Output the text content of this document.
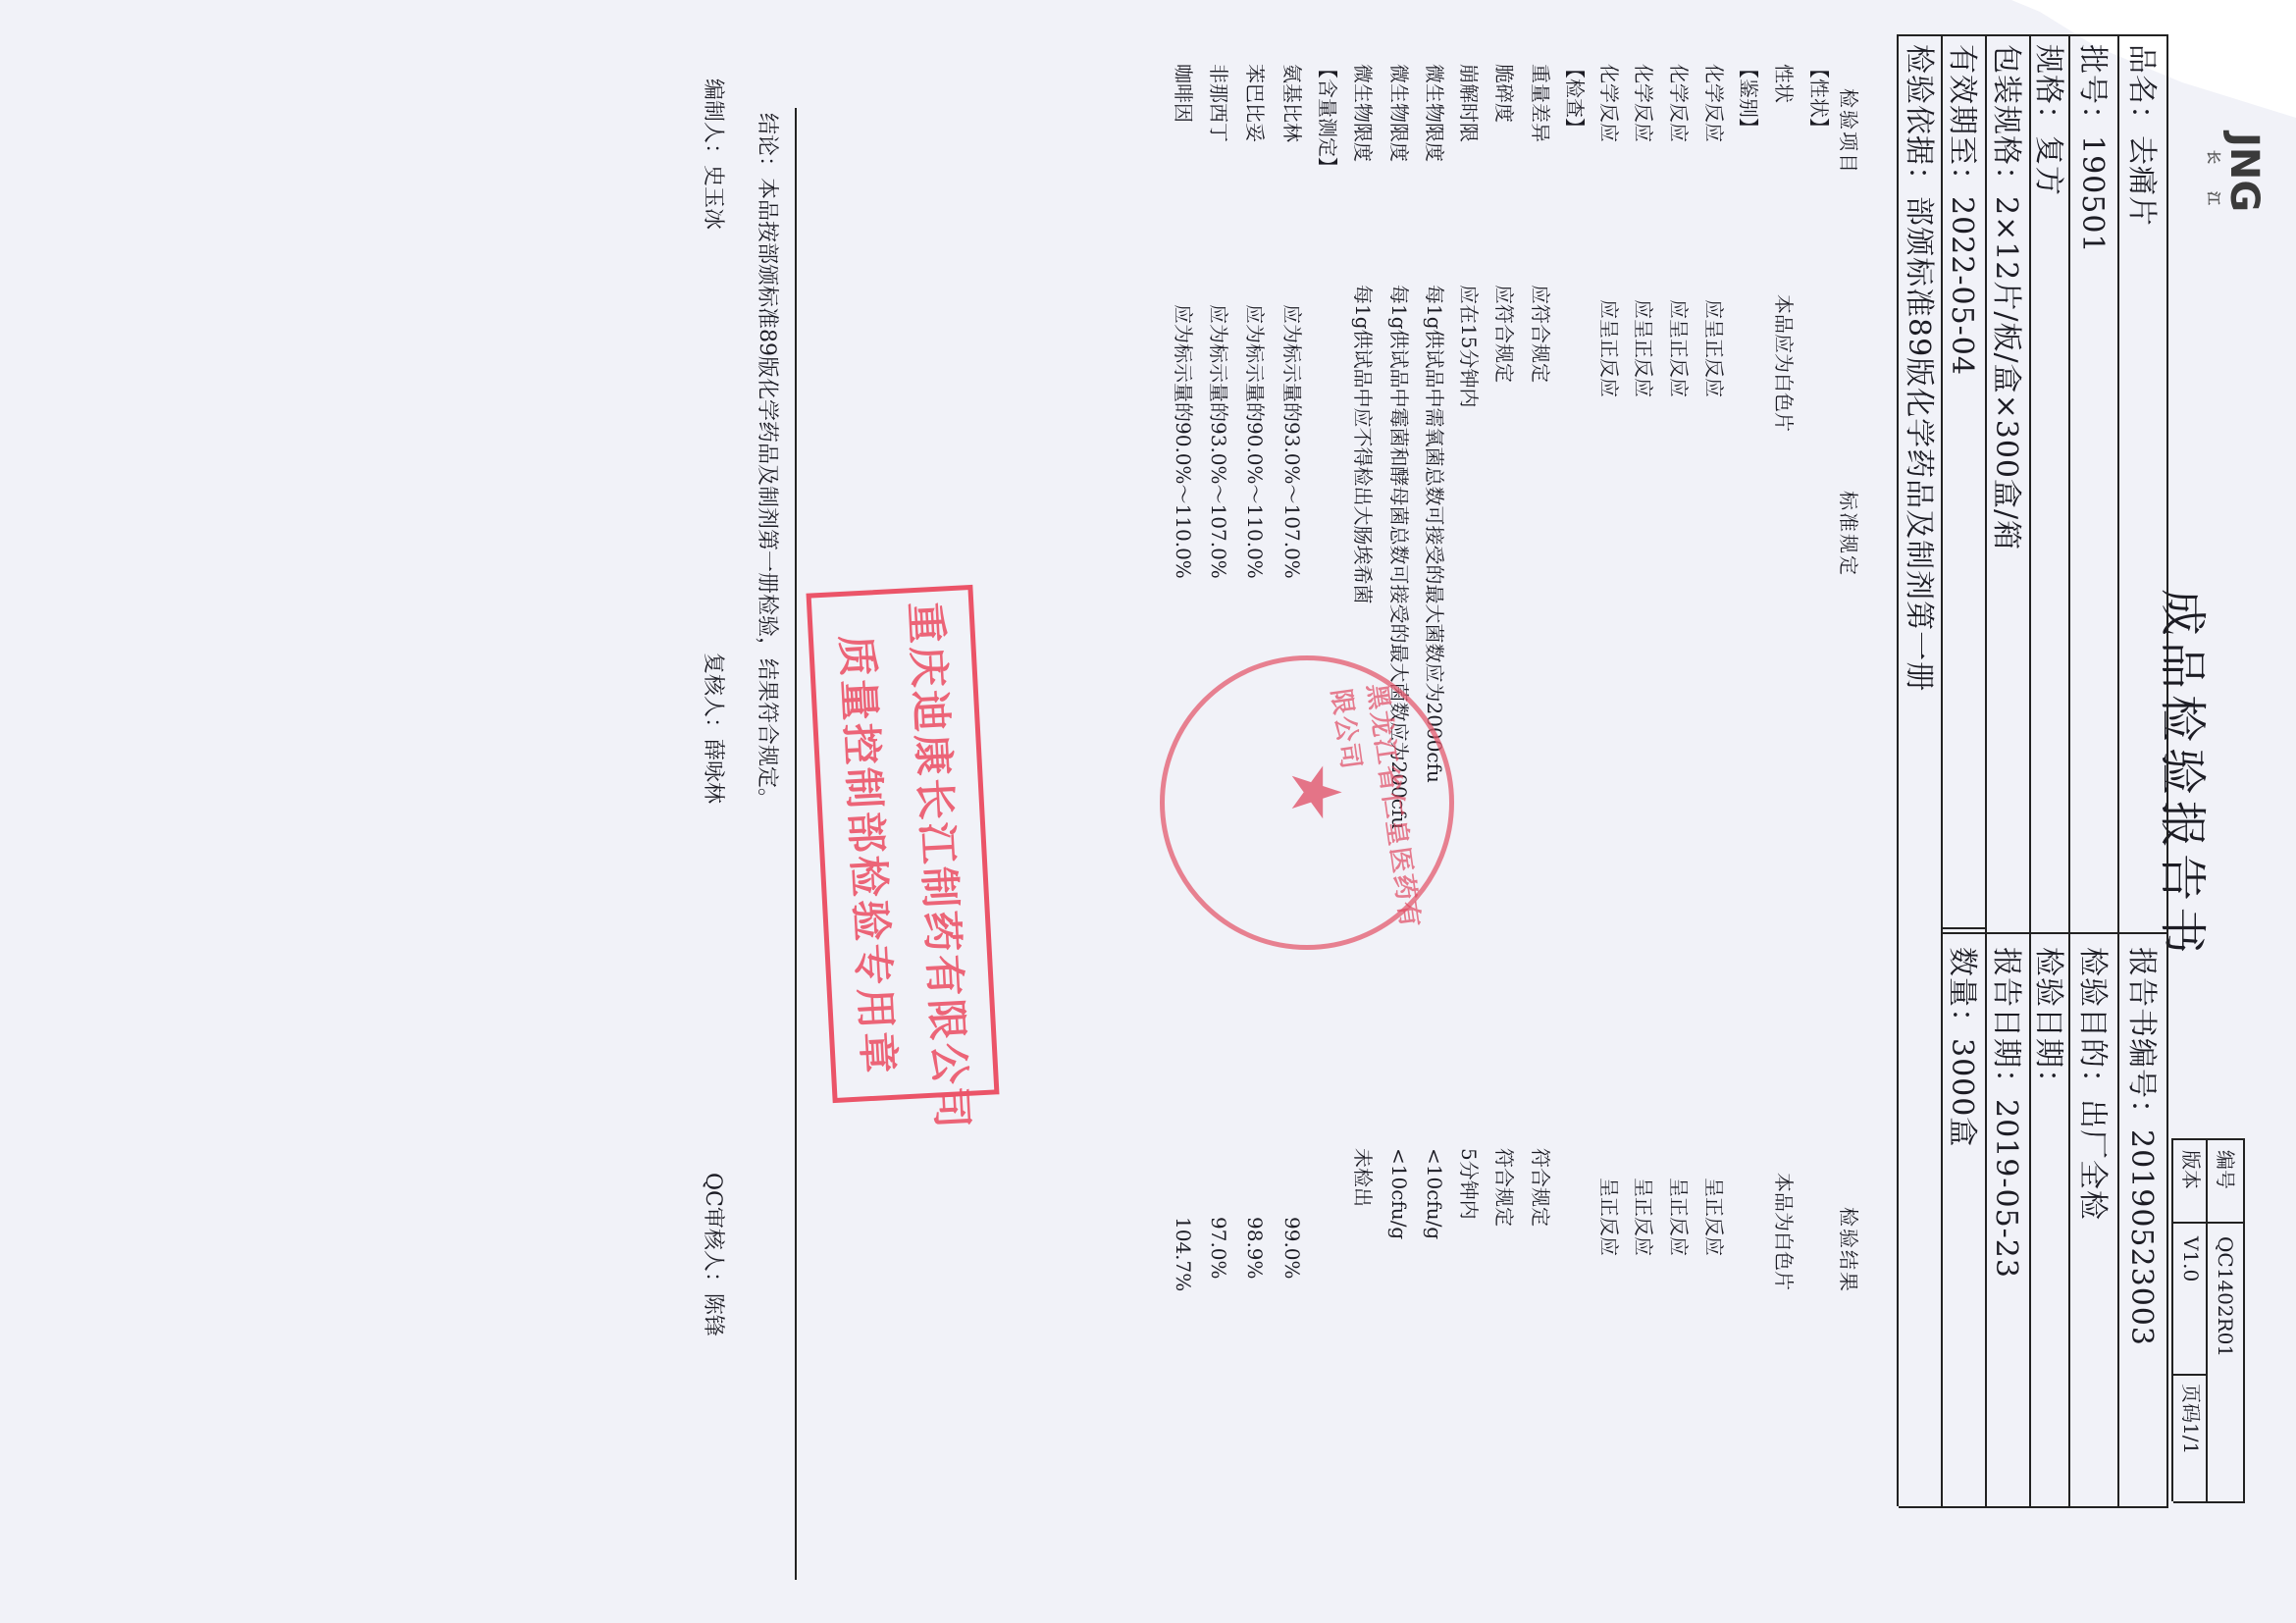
JNG
长
江
成品检验报告书
编号
QC1402R01
版本
V1.0
页码1/1
品名：去痛片
批号：190501
规格：复方
包装规格：2×12片/板/盒×300盒/箱
有效期至：2022-05-04
检验依据：部颁标准89版化学药品及制剂第一册
报告书编号：20190523003
检验目的：出厂全检
检验日期：
报告日期：2019-05-23
数量：3000盒
检验项目
标准规定
检验结果
【性状】
性状
本品应为白色片
本品为白色片
【鉴别】
化学反应
应呈正反应
呈正反应
化学反应
应呈正反应
呈正反应
化学反应
应呈正反应
呈正反应
化学反应
应呈正反应
呈正反应
【检查】
重量差异
应符合规定
符合规定
脆碎度
应符合规定
符合规定
崩解时限
应在15分钟内
5分钟内
微生物限度
每1g供试品中需氧菌总数可接受的最大菌数应为2000cfu
<10cfu/g
微生物限度
每1g供试品中霉菌和酵母菌总数可接受的最大菌数应为200cfu
<10cfu/g
微生物限度
每1g供试品中应不得检出大肠埃希菌
未检出
【含量测定】
氨基比林
应为标示量的93.0%～107.0%
99.0%
苯巴比妥
应为标示量的90.0%～110.0%
98.9%
非那西丁
应为标示量的93.0%～107.0%
97.0%
咖啡因
应为标示量的90.0%～110.0%
104.7%
结论：本品按部颁标准89版化学药品及制剂第一册检验，结果符合规定。
编制人：史玉冰
复核人：薛咏林
QC审核人：陈锋
★ 黑龙江省仁皇医药有限公司
重庆迪康长江制药有限公司
质量控制部检验专用章
